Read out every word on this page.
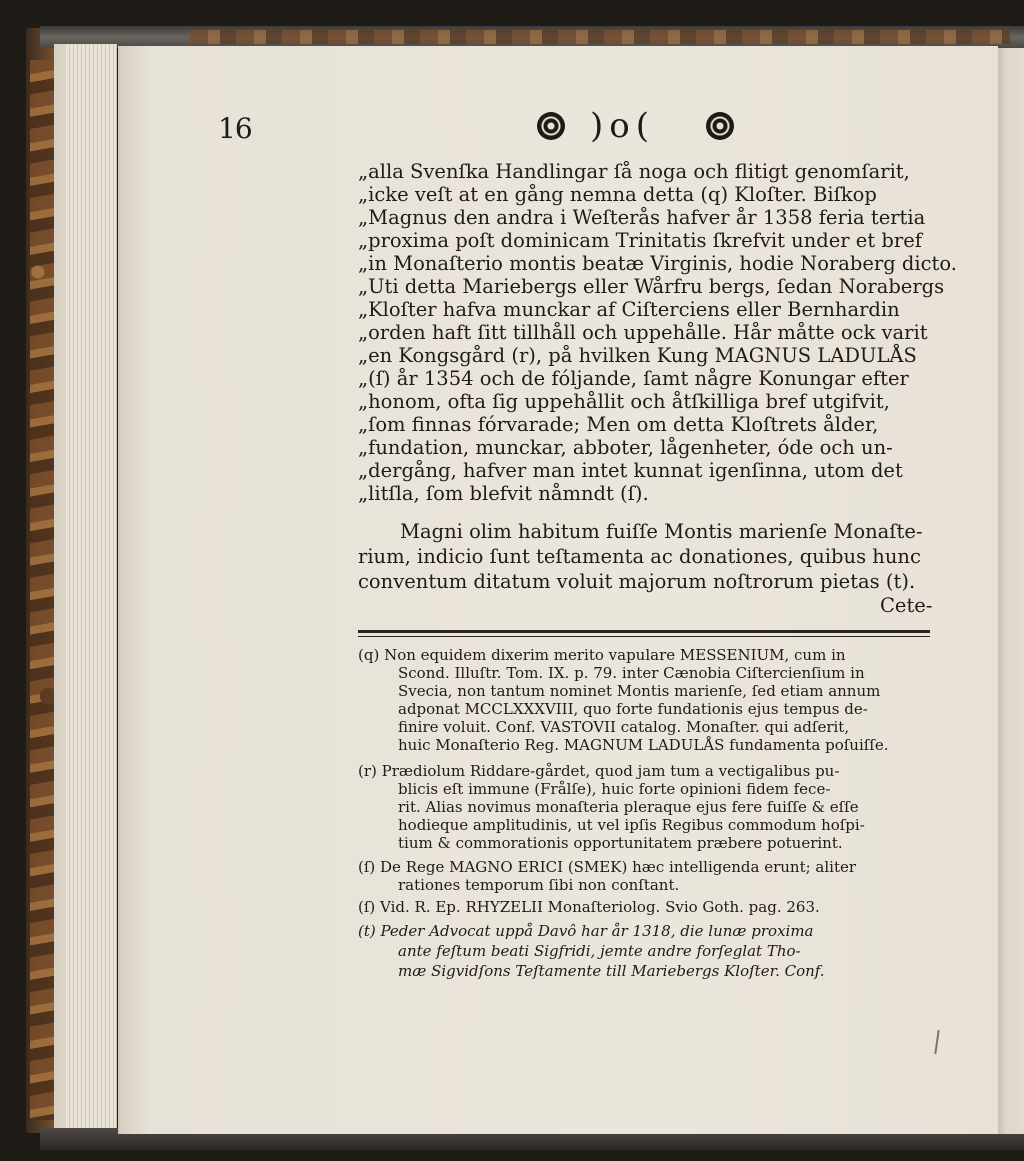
16	)o(
„alla Svenſka Handlingar ſå noga och flitigt genomſarit,
„icke veſt at en gång nemna detta (q) Kloſter. Biſkop
„Magnus den andra i Weſterås hafver år 1358 feria tertia
„proxima poſt dominicam Trinitatis ſkrefvit under et bref
„in Monaſterio montis beatæ Virginis, hodie Noraberg dicto.
„Uti detta Mariebergs eller Wårfru bergs, ſedan Norabergs
„Kloſter hafva munckar af Ciſterciens eller Bernhardin
„orden haft ſitt tillhåll och uppehålle. Hår måtte ock varit
„en Kongsgård (r), på hvilken Kung MAGNUS LADULÅS
„(ſ) år 1354 och de fóljande, ſamt någre Konungar efter
„honom, ofta ſig uppehållit och åtſkilliga bref utgifvit,
„ſom finnas fórvarade; Men om detta Kloſtrets ålder,
„fundation, munckar, abboter, lågenheter, óde och un-
„dergång, hafver man intet kunnat igenſinna, utom det
„litſla, ſom blefvit nåmndt (ſ).
Magni olim habitum fuiſſe Montis marienſe Monaſte-
rium, indicio ſunt teſtamenta ac donationes, quibus hunc
conventum ditatum voluit majorum noſtrorum pietas (t).
Cete-
(q) Non equidem dixerim merito vapulare MESSENIUM, cum in
Scond. Illuſtr. Tom. IX. p. 79. inter Cænobia Ciſtercienſium in
Svecia, non tantum nominet Montis marienſe, ſed etiam annum
adponat MCCLXXXVIII, quo forte fundationis ejus tempus de-
finire voluit. Conf. VASTOVII catalog. Monaſter. qui adſerit,
huic Monaſterio Reg. MAGNUM LADULÅS fundamenta poſuiſſe.
(r) Prædiolum Riddare-gårdet, quod jam tum a vectigalibus pu-
blicis eſt immune (Frålſe), huic forte opinioni fidem fece-
rit. Alias novimus monaſteria pleraque ejus fere fuiſſe & eſſe
hodieque amplitudinis, ut vel ipſis Regibus commodum hoſpi-
tium & commorationis opportunitatem præbere potuerint.
(ſ) De Rege MAGNO ERICI (SMEK) hæc intelligenda erunt; aliter
rationes temporum ſibi non conſtant.
(ſ) Vid. R. Ep. RHYZELII Monaſteriolog. Svio Goth. pag. 263.
(t) Peder Advocat uppå Davô har år 1318, die lunæ proxima
ante feſtum beati Sigfridi, jemte andre forſeglat Tho-
mæ Sigvidſons Teſtamente till Mariebergs Kloſter. Conf.
